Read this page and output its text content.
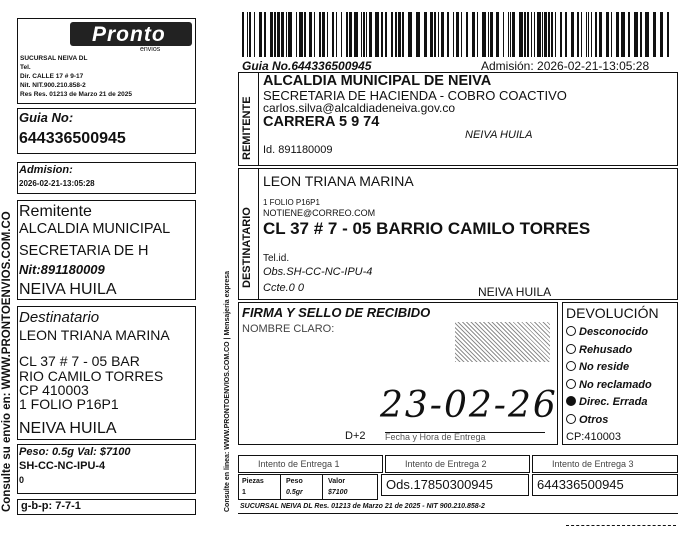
Consulte su envio en: WWW.PRONTOENVIOS.COM.CO
Pronto
envios
SUCURSAL NEIVA DL
Tel.
Dir. CALLE 17 # 9-17
Nit. NIT.900.210.858-2
Res Res. 01213 de Marzo 21 de 2025
Guia No:
644336500945
Admision:
2026-02-21-13:05:28
Remitente
ALCALDIA MUNICIPAL
SECRETARIA DE H
Nit:891180009
NEIVA HUILA
Destinatario
LEON TRIANA MARINA
CL 37 # 7 - 05 BAR
RIO CAMILO TORRES
CP 410003
1 FOLIO P16P1
NEIVA HUILA
Peso: 0.5g Val: $7100
SH-CC-NC-IPU-4
0
g-b-p: 7-7-1
Guia No.644336500945	Admisión: 2026-02-21-13:05:28
Consulte en linea: WWW.PRONTOENVIOS.COM.CO | Mensajeria expresa
REMITENTE
ALCALDIA MUNICIPAL DE NEIVA
SECRETARIA DE HACIENDA - COBRO COACTIVO
carlos.silva@alcaldiadeneiva.gov.co
CARRERA 5 9 74
NEIVA HUILA
Id. 891180009
DESTINATARIO
LEON TRIANA MARINA
1 FOLIO P16P1
NOTIENE@CORREO.COM
CL 37 # 7 - 05 BARRIO CAMILO TORRES
Tel.id.
Obs.SH-CC-NC-IPU-4
Ccte.0 0	NEIVA HUILA
FIRMA Y SELLO DE RECIBIDO
NOMBRE CLARO:
23-02-26
D+2 Fecha y Hora de Entrega
DEVOLUCIÓN
Desconocido
Rehusado
No reside
No reclamado
Direc. Errada
Otros
CP:410003
Intento de Entrega 1	Intento de Entrega 2	Intento de Entrega 3
Piezas	Peso	Valor
1	0.5gr	$7100
Ods.17850300945	644336500945
SUCURSAL NEIVA DL Res. 01213 de Marzo 21 de 2025 - NIT 900.210.858-2
